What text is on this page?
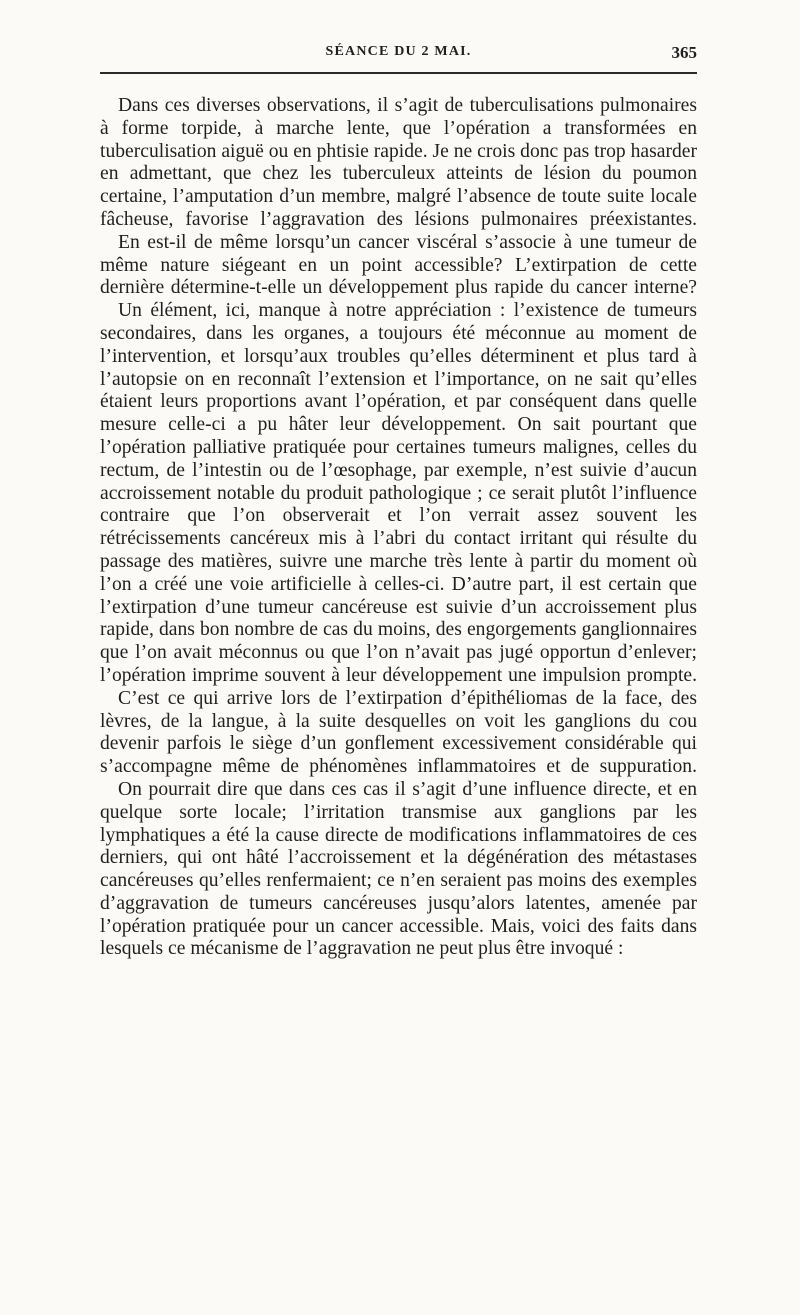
SÉANCE DU 2 MAI.	365

Dans ces diverses observations, il s’agit de tuberculisations pulmonaires à forme torpide, à marche lente, que l’opération a transformées en tuberculisation aiguë ou en phtisie rapide. Je ne crois donc pas trop hasarder en admettant, que chez les tuberculeux atteints de lésion du poumon certaine, l’amputation d’un membre, malgré l’absence de toute suite locale fâcheuse, favorise l’aggravation des lésions pulmonaires préexistantes.

En est-il de même lorsqu’un cancer viscéral s’associe à une tumeur de même nature siégeant en un point accessible? L’extirpation de cette dernière détermine-t-elle un développement plus rapide du cancer interne?

Un élément, ici, manque à notre appréciation : l’existence de tumeurs secondaires, dans les organes, a toujours été méconnue au moment de l’intervention, et lorsqu’aux troubles qu’elles déterminent et plus tard à l’autopsie on en reconnaît l’extension et l’importance, on ne sait qu’elles étaient leurs proportions avant l’opération, et par conséquent dans quelle mesure celle-ci a pu hâter leur développement. On sait pourtant que l’opération palliative pratiquée pour certaines tumeurs malignes, celles du rectum, de l’intestin ou de l’œsophage, par exemple, n’est suivie d’aucun accroissement notable du produit pathologique ; ce serait plutôt l’influence contraire que l’on observerait et l’on verrait assez souvent les rétrécissements cancéreux mis à l’abri du contact irritant qui résulte du passage des matières, suivre une marche très lente à partir du moment où l’on a créé une voie artificielle à celles-ci. D’autre part, il est certain que l’extirpation d’une tumeur cancéreuse est suivie d’un accroissement plus rapide, dans bon nombre de cas du moins, des engorgements ganglionnaires que l’on avait méconnus ou que l’on n’avait pas jugé opportun d’enlever; l’opération imprime souvent à leur développement une impulsion prompte.

C’est ce qui arrive lors de l’extirpation d’épithéliomas de la face, des lèvres, de la langue, à la suite desquelles on voit les ganglions du cou devenir parfois le siège d’un gonflement excessivement considérable qui s’accompagne même de phénomènes inflammatoires et de suppuration.

On pourrait dire que dans ces cas il s’agit d’une influence directe, et en quelque sorte locale; l’irritation transmise aux ganglions par les lymphatiques a été la cause directe de modifications inflammatoires de ces derniers, qui ont hâté l’accroissement et la dégénération des métastases cancéreuses qu’elles renfermaient; ce n’en seraient pas moins des exemples d’aggravation de tumeurs cancéreuses jusqu’alors latentes, amenée par l’opération pratiquée pour un cancer accessible. Mais, voici des faits dans lesquels ce mécanisme de l’aggravation ne peut plus être invoqué :
